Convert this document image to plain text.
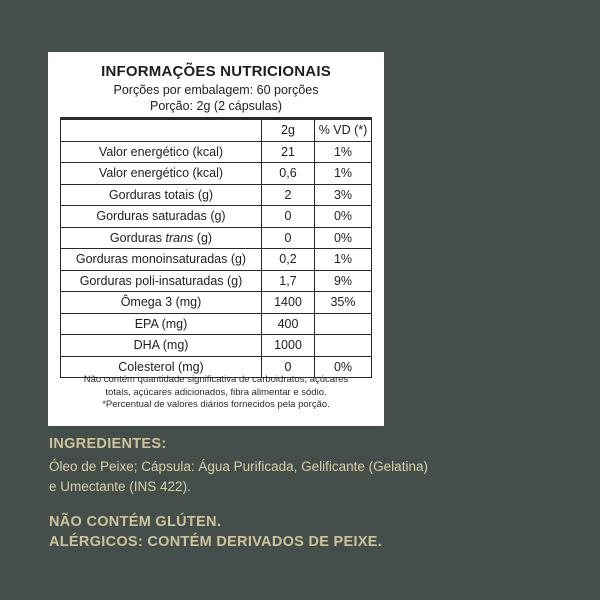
INFORMAÇÕES NUTRICIONAIS
Porções por embalagem: 60 porções
Porção: 2g (2 cápsulas)
	2g	% VD (*)
Valor energético (kcal)	21	1%
Valor energético (kcal)	0,6	1%
Gorduras totais (g)	2	3%
Gorduras saturadas (g)	0	0%
Gorduras trans (g)	0	0%
Gorduras monoinsaturadas (g)	0,2	1%
Gorduras poli-insaturadas (g)	1,7	9%
Ômega 3 (mg)	1400	35%
EPA (mg)	400	
DHA (mg)	1000	
Colesterol (mg)	0	0%
Não contém quantidade significativa de carboidratos, açúcares
totais, açúcares adicionados, fibra alimentar e sódio.
*Percentual de valores diários fornecidos pela porção.
INGREDIENTES:
Óleo de Peixe; Cápsula: Água Purificada, Gelificante (Gelatina)
e Umectante (INS 422).
NÃO CONTÉM GLÚTEN.
ALÉRGICOS: CONTÉM DERIVADOS DE PEIXE.
